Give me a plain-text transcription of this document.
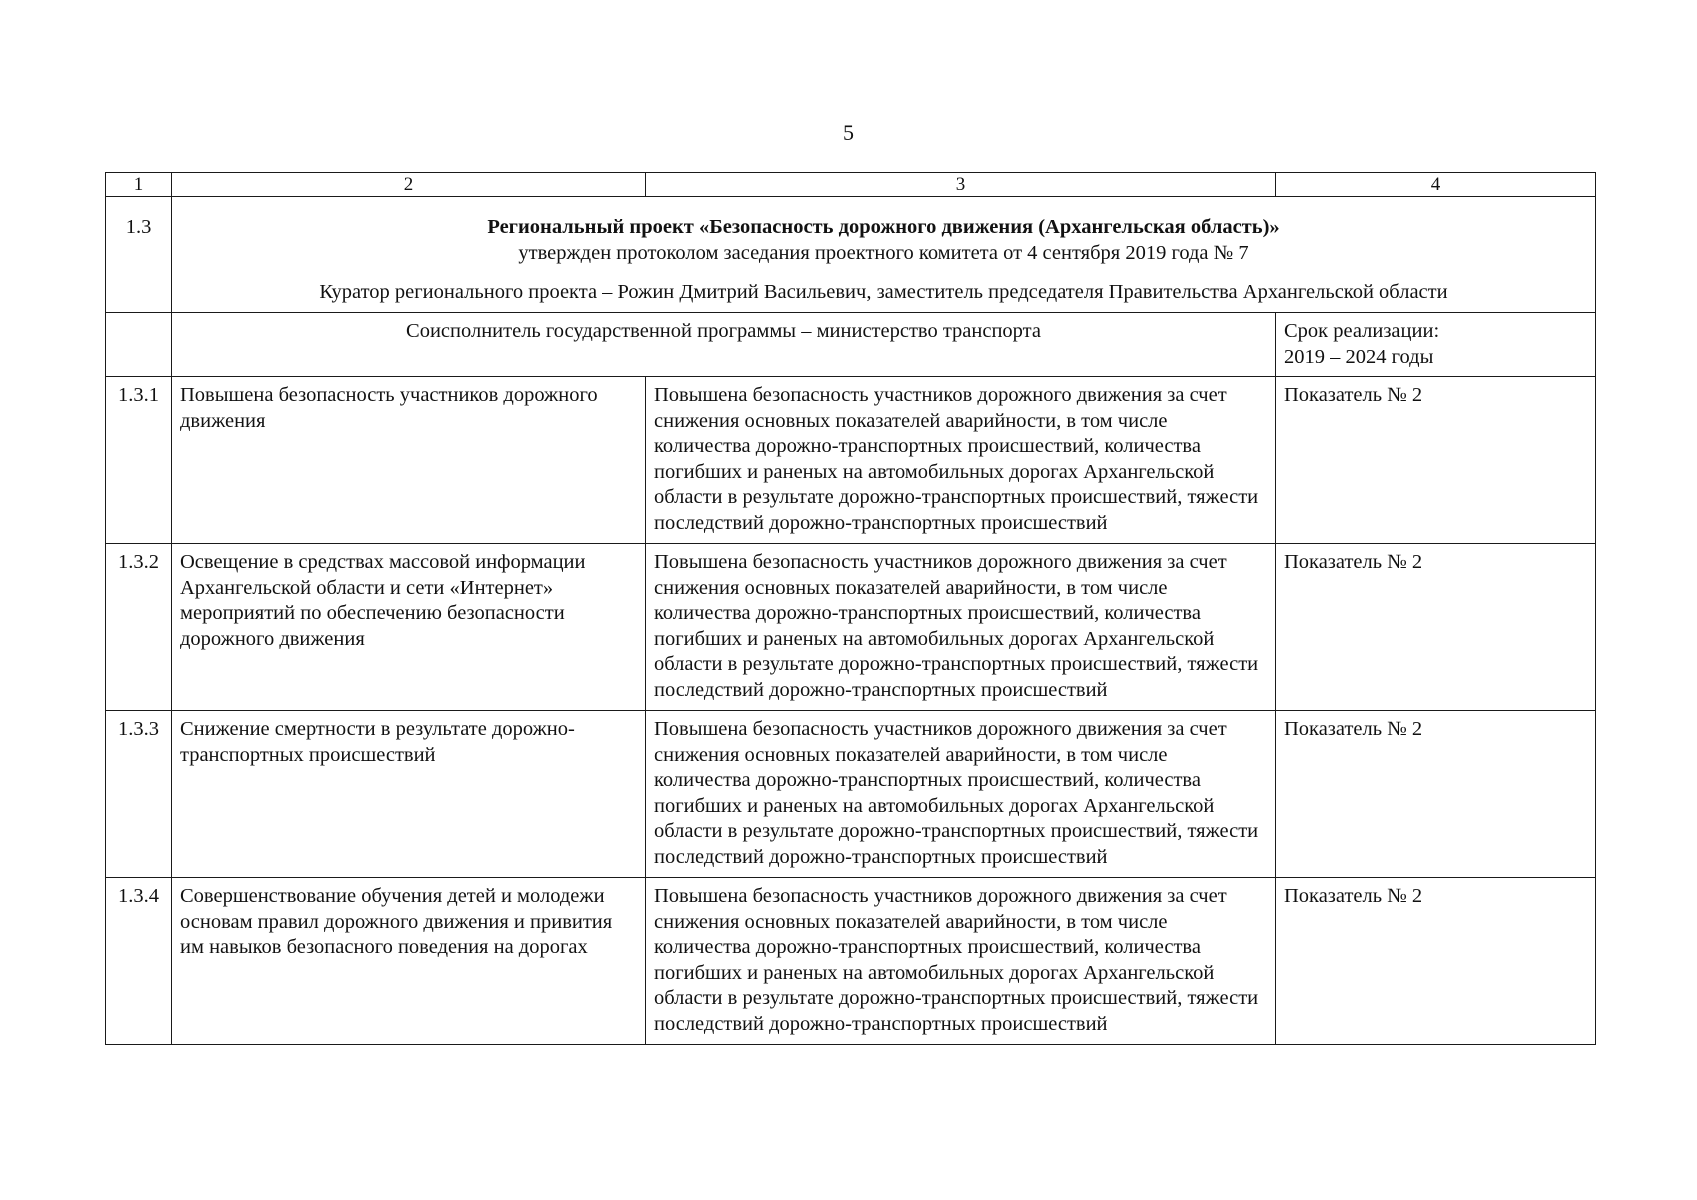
5
1	2	3	4
1.3	Региональный проект «Безопасность дорожного движения (Архангельская область)»
утвержден протоколом заседания проектного комитета от 4 сентября 2019 года № 7
Куратор регионального проекта – Рожин Дмитрий Васильевич, заместитель председателя Правительства Архангельской области		

	Соисполнитель государственной программы – министерство транспорта		Срок реализации:
2019 – 2024 годы

1.3.1	Повышена безопасность участников дорожного движения	Повышена безопасность участников дорожного движения за счет снижения основных показателей аварийности, в том числе количества дорожно-транспортных происшествий, количества погибших и раненых на автомобильных дорогах Архангельской области в результате дорожно-транспортных происшествий, тяжести последствий дорожно-транспортных происшествий	Показатель № 2
1.3.2	Освещение в средствах массовой информации Архангельской области и сети «Интернет» мероприятий по обеспечению безопасности дорожного движения	Повышена безопасность участников дорожного движения за счет снижения основных показателей аварийности, в том числе количества дорожно-транспортных происшествий, количества погибших и раненых на автомобильных дорогах Архангельской области в результате дорожно-транспортных происшествий, тяжести последствий дорожно-транспортных происшествий	Показатель № 2
1.3.3	Снижение смертности в результате дорожно-транспортных происшествий	Повышена безопасность участников дорожного движения за счет снижения основных показателей аварийности, в том числе количества дорожно-транспортных происшествий, количества погибших и раненых на автомобильных дорогах Архангельской области в результате дорожно-транспортных происшествий, тяжести последствий дорожно-транспортных происшествий	Показатель № 2
1.3.4	Совершенствование обучения детей и молодежи основам правил дорожного движения и привития им навыков безопасного поведения на дорогах	Повышена безопасность участников дорожного движения за счет снижения основных показателей аварийности, в том числе количества дорожно-транспортных происшествий, количества погибших и раненых на автомобильных дорогах Архангельской области в результате дорожно-транспортных происшествий, тяжести последствий дорожно-транспортных происшествий	Показатель № 2
